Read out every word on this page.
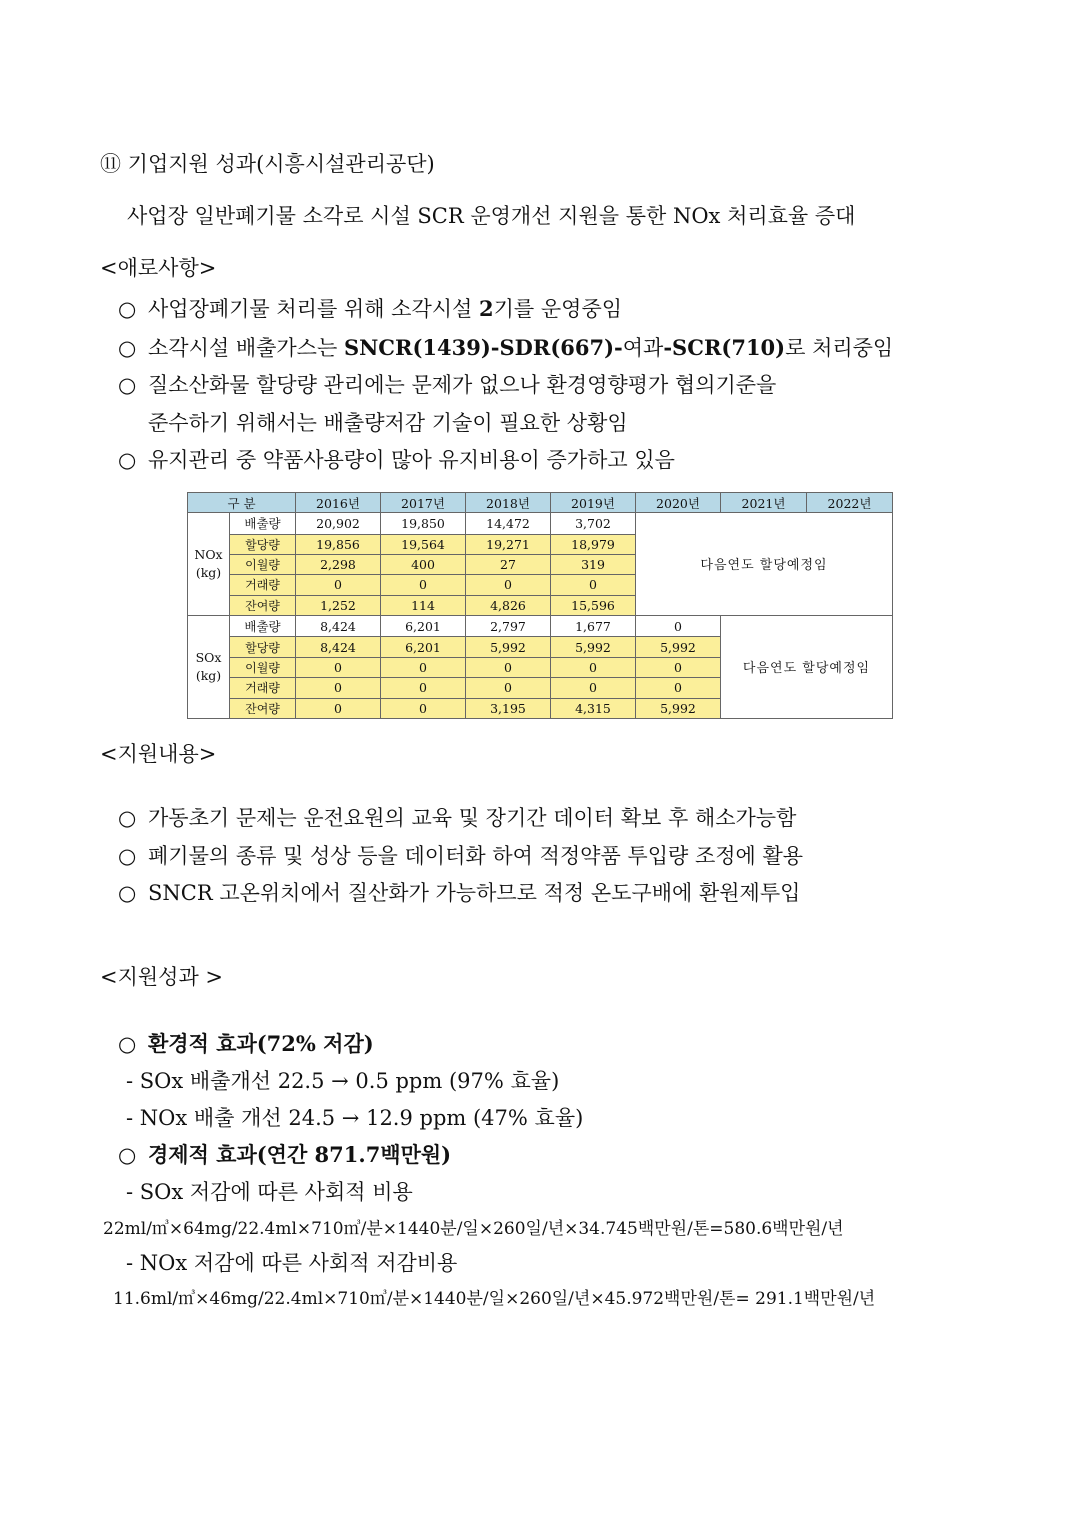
⑪ 기업지원 성과(시흥시설관리공단)
사업장 일반폐기물 소각로 시설 SCR 운영개선 지원을 통한 NOx 처리효율 증대
<애로사항>
○ 사업장폐기물 처리를 위해 소각시설 2기를 운영중임
○ 소각시설 배출가스는 SNCR(1439)-SDR(667)-여과-SCR(710)로 처리중임
○ 질소산화물 할당량 관리에는 문제가 없으나 환경영향평가 협의기준을
준수하기 위해서는 배출량저감 기술이 필요한 상황임
○ 유지관리 중 약품사용량이 많아 유지비용이 증가하고 있음
구 분		2016년	2017년	2018년	2019년	2020년	2021년	2022년
NOx
(kg)	배출량	20,902	19,850	14,472	3,702	다음연도 할당예정임		
	할당량	19,856	19,564	19,271	18,979			
	이월량	2,298	400	27	319			
	거래량	0	0	0	0			
	잔여량	1,252	114	4,826	15,596			
SOx
(kg)	배출량	8,424	6,201	2,797	1,677	0	다음연도 할당예정임	
	할당량	8,424	6,201	5,992	5,992	5,992		
	이월량	0	0	0	0	0		
	거래량	0	0	0	0	0		
	잔여량	0	0	3,195	4,315	5,992		
<지원내용>
○ 가동초기 문제는 운전요원의 교육 및 장기간 데이터 확보 후 해소가능함
○ 폐기물의 종류 및 성상 등을 데이터화 하여 적정약품 투입량 조정에 활용
○ SNCR 고온위치에서 질산화가 가능하므로 적정 온도구배에 환원제투입
<지원성과 >
○ 환경적 효과(72% 저감)
- SOx 배출개선 22.5 → 0.5 ppm (97% 효율)
- NOx 배출 개선 24.5 → 12.9 ppm (47% 효율)
○ 경제적 효과(연간 871.7백만원)
- SOx 저감에 따른 사회적 비용
22ml/㎥×64mg/22.4ml×710㎥/분×1440분/일×260일/년×34.745백만원/톤=580.6백만원/년
- NOx 저감에 따른 사회적 저감비용
11.6ml/㎥×46mg/22.4ml×710㎥/분×1440분/일×260일/년×45.972백만원/톤= 291.1백만원/년
